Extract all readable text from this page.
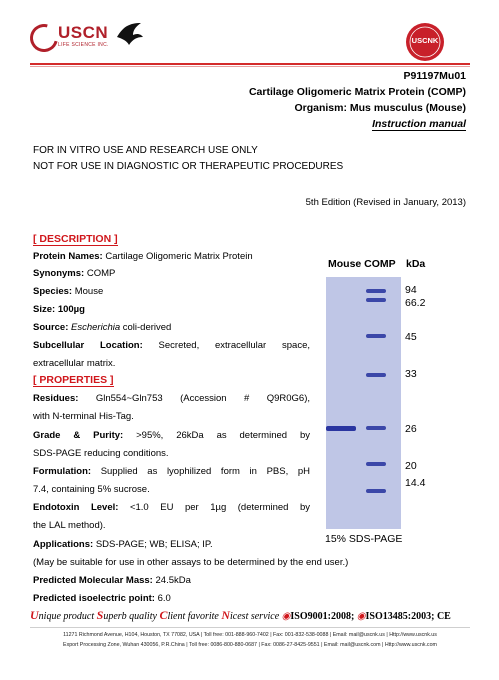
USCN
LIFE SCIENCE INC.	USCNK
P91197Mu01
Cartilage Oligomeric Matrix Protein (COMP)
Organism: Mus musculus (Mouse)
Instruction manual
FOR IN VITRO USE AND RESEARCH USE ONLY
NOT FOR USE IN DIAGNOSTIC OR THERAPEUTIC PROCEDURES
5th Edition (Revised in January, 2013)
[ DESCRIPTION ]
Protein Names: Cartilage Oligomeric Matrix Protein
Synonyms: COMP
Species: Mouse
Size: 100µg
Source: Escherichia coli-derived
Subcellular Location: Secreted, extracellular space,
extracellular matrix.
[ PROPERTIES ]
Residues: Gln554~Gln753 (Accession # Q9R0G6),
with N-terminal His-Tag.
Grade & Purity: >95%, 26kDa as determined by
SDS-PAGE reducing conditions.
Formulation: Supplied as lyophilized form in PBS, pH
7.4, containing 5% sucrose.
Endotoxin Level: <1.0 EU per 1µg (determined by
the LAL method).
Applications: SDS-PAGE; WB; ELISA; IP.
(May be suitable for use in other assays to be determined by the end user.)
Predicted Molecular Mass: 24.5kDa
Predicted isoelectric point: 6.0
Mouse COMP kDa
94
66.2
45
33
26
20
14.4
15% SDS-PAGE
Unique product Superb quality Client favorite Nicest service ◉ISO9001:2008; ◉ISO13485:2003; CE
11271 Richmond Avenue, H104, Houston, TX 77082, USA | Toll free: 001-888-960-7402 | Fax: 001-832-538-0088 | Email: mail@uscnk.us | Http://www.uscnk.us
Export Processing Zone, Wuhan 430056, P.R.China | Toll free: 0086-800-880-0687 | Fax: 0086-27-8425-9551 | Email: mail@uscnk.com | Http://www.uscnk.com
